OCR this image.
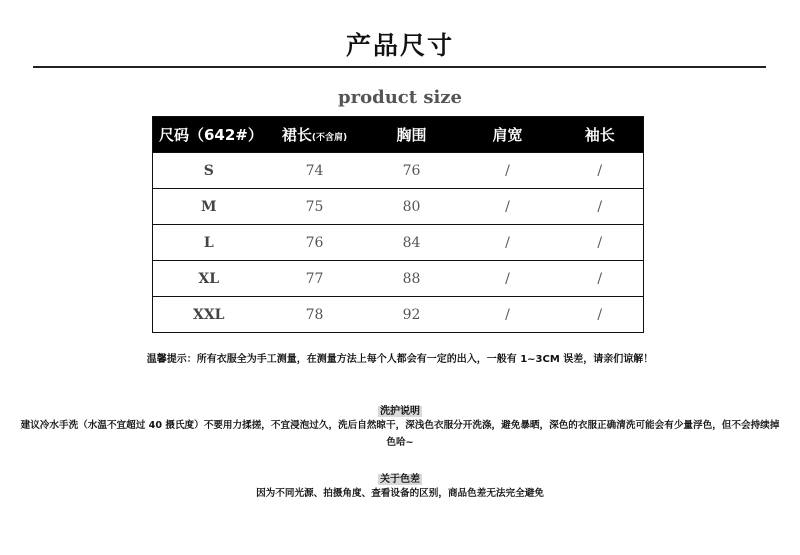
产品尺寸
product size
尺码（642#）	裙长(不含肩)	胸围	肩宽	袖长
S	74	76	/	/
M	75	80	/	/
L	76	84	/	/
XL	77	88	/	/
XXL	78	92	/	/
温馨提示：所有衣服全为手工测量，在测量方法上每个人都会有一定的出入，一般有 1~3CM 误差，请亲们谅解！
洗护说明
建议冷水手洗（水温不宜超过 40 摄氏度）不要用力揉搓，不宜浸泡过久，洗后自然晾干，深浅色衣服分开洗涤，避免暴晒，深色的衣服正确清洗可能会有少量浮色，但不会持续掉色哈~
关于色差
因为不同光源、拍摄角度、查看设备的区别，商品色差无法完全避免
